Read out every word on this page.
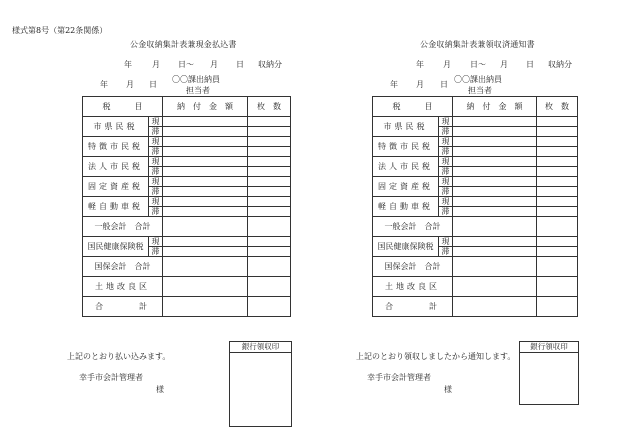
様式第8号（第22条関係）
公金収納集計表兼現金払込書
年	月 日～ 月 日 収納分
年 月 日
〇〇課出納員
担当者
税　　　目		納　付　金　額	枚　数
市県民税	現		
	滞		
特徴市民税	現		
	滞		
法人市民税	現		
	滞		
固定資産税	現		
	滞		
軽自動車税	現		
	滞		
一般会計　合計			
国民健康保険税	現		
	滞		
国保会計　合計			
土地改良区			
合　　　計			
上記のとおり払い込みます。
幸手市会計管理者
様
銀行領収印
公金収納集計表兼領収済通知書
年 月 日～ 月 日 収納分
年 月 日
〇〇課出納員
担当者
税　　　目		納　付　金　額	枚　数
市県民税	現		
	滞		
特徴市民税	現		
	滞		
法人市民税	現		
	滞		
固定資産税	現		
	滞		
軽自動車税	現		
	滞		
一般会計　合計			
国民健康保険税	現		
	滞		
国保会計　合計			
土地改良区			
合　　　計			
上記のとおり領収しましたから通知します。
幸手市会計管理者
様
銀行領収印
